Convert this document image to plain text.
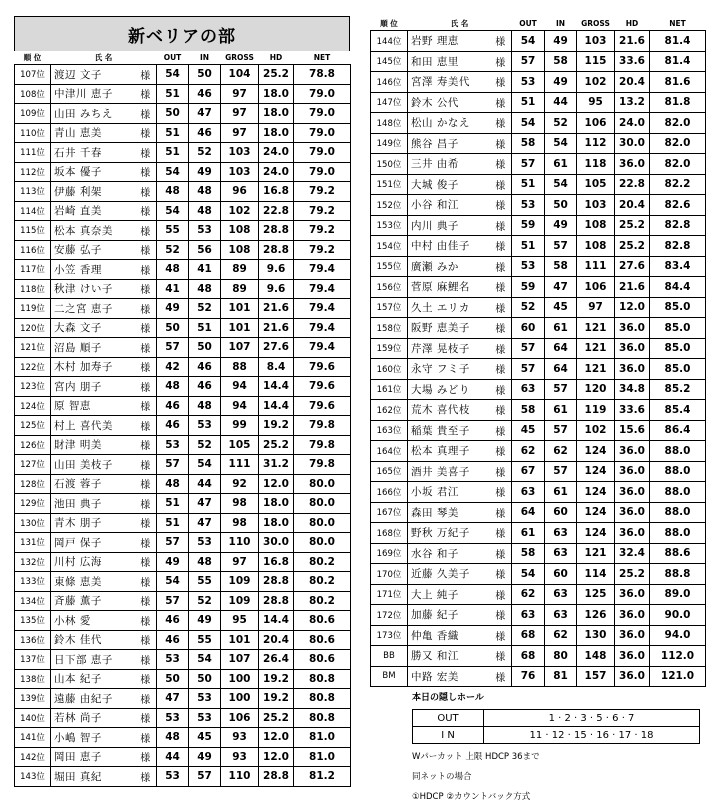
新ベリアの部
順 位	氏 名		OUT	IN	GROSS	HD	NET
107位	渡辺 文子	様	54	50	104	25.2	78.8
108位	中津川 恵子	様	51	46	97	18.0	79.0
109位	山田 みちえ	様	50	47	97	18.0	79.0
110位	青山 恵美	様	51	46	97	18.0	79.0
111位	石井 千春	様	51	52	103	24.0	79.0
112位	坂本 優子	様	54	49	103	24.0	79.0
113位	伊藤 利架	様	48	48	96	16.8	79.2
114位	岩崎 直美	様	54	48	102	22.8	79.2
115位	松本 真奈美	様	55	53	108	28.8	79.2
116位	安藤 弘子	様	52	56	108	28.8	79.2
117位	小笠 香理	様	48	41	89	9.6	79.4
118位	秋津 けい子	様	41	48	89	9.6	79.4
119位	二之宮 恵子	様	49	52	101	21.6	79.4
120位	大森 文子	様	50	51	101	21.6	79.4
121位	沼島 順子	様	57	50	107	27.6	79.4
122位	木村 加寿子	様	42	46	88	8.4	79.6
123位	宮内 朋子	様	48	46	94	14.4	79.6
124位	原 智恵	様	46	48	94	14.4	79.6
125位	村上 喜代美	様	46	53	99	19.2	79.8
126位	財津 明美	様	53	52	105	25.2	79.8
127位	山田 美枝子	様	57	54	111	31.2	79.8
128位	石渡 蓉子	様	48	44	92	12.0	80.0
129位	池田 典子	様	51	47	98	18.0	80.0
130位	青木 朋子	様	51	47	98	18.0	80.0
131位	岡戸 保子	様	57	53	110	30.0	80.0
132位	川村 広海	様	49	48	97	16.8	80.2
133位	東條 恵美	様	54	55	109	28.8	80.2
134位	斉藤 薫子	様	57	52	109	28.8	80.2
135位	小林 愛	様	46	49	95	14.4	80.6
136位	鈴木 佳代	様	46	55	101	20.4	80.6
137位	日下部 恵子	様	53	54	107	26.4	80.6
138位	山本 紀子	様	50	50	100	19.2	80.8
139位	遠藤 由紀子	様	47	53	100	19.2	80.8
140位	若林 尚子	様	53	53	106	25.2	80.8
141位	小嶋 智子	様	48	45	93	12.0	81.0
142位	岡田 恵子	様	44	49	93	12.0	81.0
143位	堀田 真紀	様	53	57	110	28.8	81.2
順 位	氏 名		OUT	IN	GROSS	HD	NET
144位	岩野 理恵	様	54	49	103	21.6	81.4
145位	和田 恵里	様	57	58	115	33.6	81.4
146位	宮澤 寿美代	様	53	49	102	20.4	81.6
147位	鈴木 公代	様	51	44	95	13.2	81.8
148位	松山 かなえ	様	54	52	106	24.0	82.0
149位	熊谷 昌子	様	58	54	112	30.0	82.0
150位	三井 由希	様	57	61	118	36.0	82.0
151位	大城 俊子	様	51	54	105	22.8	82.2
152位	小谷 和江	様	53	50	103	20.4	82.6
153位	内川 典子	様	59	49	108	25.2	82.8
154位	中村 由佳子	様	51	57	108	25.2	82.8
155位	廣瀬 みか	様	53	58	111	27.6	83.4
156位	菅原 麻鯉名	様	59	47	106	21.6	84.4
157位	久土 エリカ	様	52	45	97	12.0	85.0
158位	阪野 恵美子	様	60	61	121	36.0	85.0
159位	芹澤 晃枝子	様	57	64	121	36.0	85.0
160位	永守 フミ子	様	57	64	121	36.0	85.0
161位	大場 みどり	様	63	57	120	34.8	85.2
162位	荒木 喜代枝	様	58	61	119	33.6	85.4
163位	稲葉 貴至子	様	45	57	102	15.6	86.4
164位	松本 真理子	様	62	62	124	36.0	88.0
165位	酒井 美喜子	様	67	57	124	36.0	88.0
166位	小坂 君江	様	63	61	124	36.0	88.0
167位	森田 琴美	様	64	60	124	36.0	88.0
168位	野秋 万紀子	様	61	63	124	36.0	88.0
169位	水谷 和子	様	58	63	121	32.4	88.6
170位	近藤 久美子	様	54	60	114	25.2	88.8
171位	大上 純子	様	62	63	125	36.0	89.0
172位	加藤 紀子	様	63	63	126	36.0	90.0
173位	仲亀 香織	様	68	62	130	36.0	94.0
BB	勝又 和江	様	68	80	148	36.0	112.0
BM	中路 宏美	様	76	81	157	36.0	121.0
本日の隠しホール
OUT	1 · 2 · 3 · 5 · 6 · 7
I N	11 · 12 · 15 · 16 · 17 · 18
Wパーカット 上限 HDCP 36まで
同ネットの場合
①HDCP ②カウントバック方式
